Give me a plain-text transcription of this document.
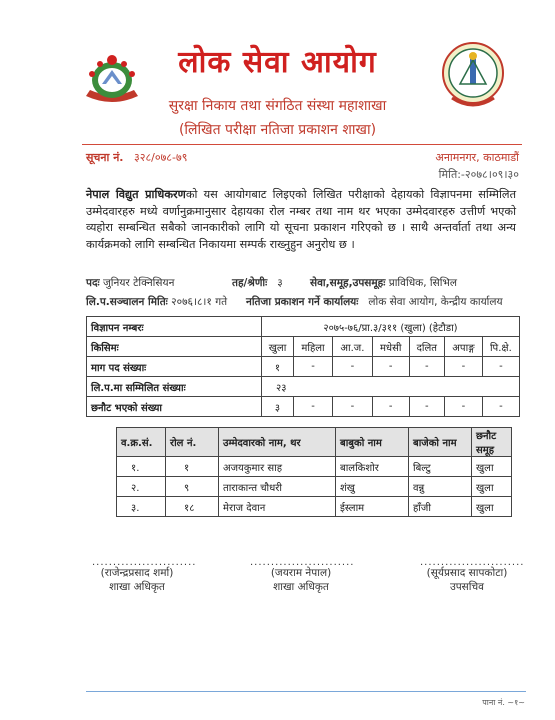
लोक सेवा आयोग
सुरक्षा निकाय तथा संगठित संस्था महाशाखा
(लिखित परीक्षा नतिजा प्रकाशन शाखा)
सूचना नं. ३२८/०७८-७९	अनामनगर, काठमाडौं
मिति:-२०७८।०९।३०
नेपाल विद्युत प्राधिकरणको यस आयोगबाट लिइएको लिखित परीक्षाको देहायको विज्ञापनमा सम्मिलित उम्मेदवारहरु मध्ये वर्णानुक्रमानुसार देहायका रोल नम्बर तथा नाम थर भएका उम्मेदवारहरु उत्तीर्ण भएको व्यहोरा सम्बन्धित सबैको जानकारीको लागि यो सूचना प्रकाशन गरिएको छ । साथै अन्तर्वार्ता तथा अन्य कार्यक्रमको लागि सम्बन्धित निकायमा सम्पर्क राख्नुहुन अनुरोध छ ।
पदः जुनियर टेक्निसियन	तह/श्रेणीः ३	सेवा,समूह,उपसमूहः प्राविधिक, सिभिल
लि.प.सञ्चालन मितिः २०७६।८।१ गते नतिजा प्रकाशन गर्ने कार्यालयः लोक सेवा आयोग, केन्द्रीय कार्यालय
विज्ञापन नम्बरः	२०७५-७६/प्रा.३/३११ (खुला) (हेटौडा)						
किसिमः	खुला	महिला	आ.ज.	मधेसी	दलित	अपाङ्ग	पि.क्षे.
माग पद संख्याः	१	-	-	-	-	-	-
लि.प.मा सम्मिलित संख्याः	२३						
छनौट भएको संख्या	३	-	-	-	-	-	-
व.क्र.सं.	रोल नं.	उम्मेदवारको नाम, थर	बाबुको नाम	बाजेको नाम	छनौट समूह
१.	१	अजयकुमार साह	बालकिशोर	बिल्टु	खुला
२.	९	ताराकान्त चौधरी	शंखु	वन्नु	खुला
३.	१८	मेराज देवान	ईस्लाम	हाँजी	खुला
.........................	.........................	.........................
(राजेन्द्रप्रसाद शर्मा)
शाखा अधिकृत
(जयराम नेपाल)
शाखा अधिकृत
(सूर्यप्रसाद सापकोटा)
उपसचिव
पाना नं. ~१~
